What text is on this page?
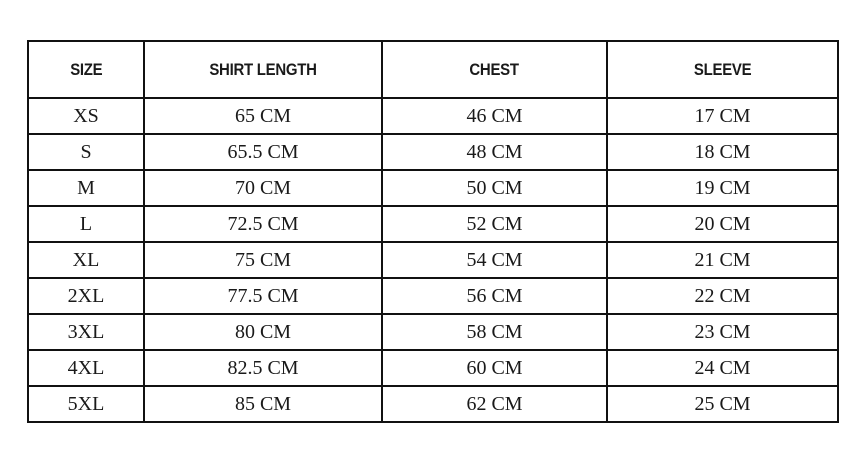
SIZE	SHIRT LENGTH	CHEST	SLEEVE
XS	65 CM	46 CM	17 CM
S	65.5 CM	48 CM	18 CM
M	70 CM	50 CM	19 CM
L	72.5 CM	52 CM	20 CM
XL	75 CM	54 CM	21 CM
2XL	77.5 CM	56 CM	22 CM
3XL	80 CM	58 CM	23 CM
4XL	82.5 CM	60 CM	24 CM
5XL	85 CM	62 CM	25 CM
